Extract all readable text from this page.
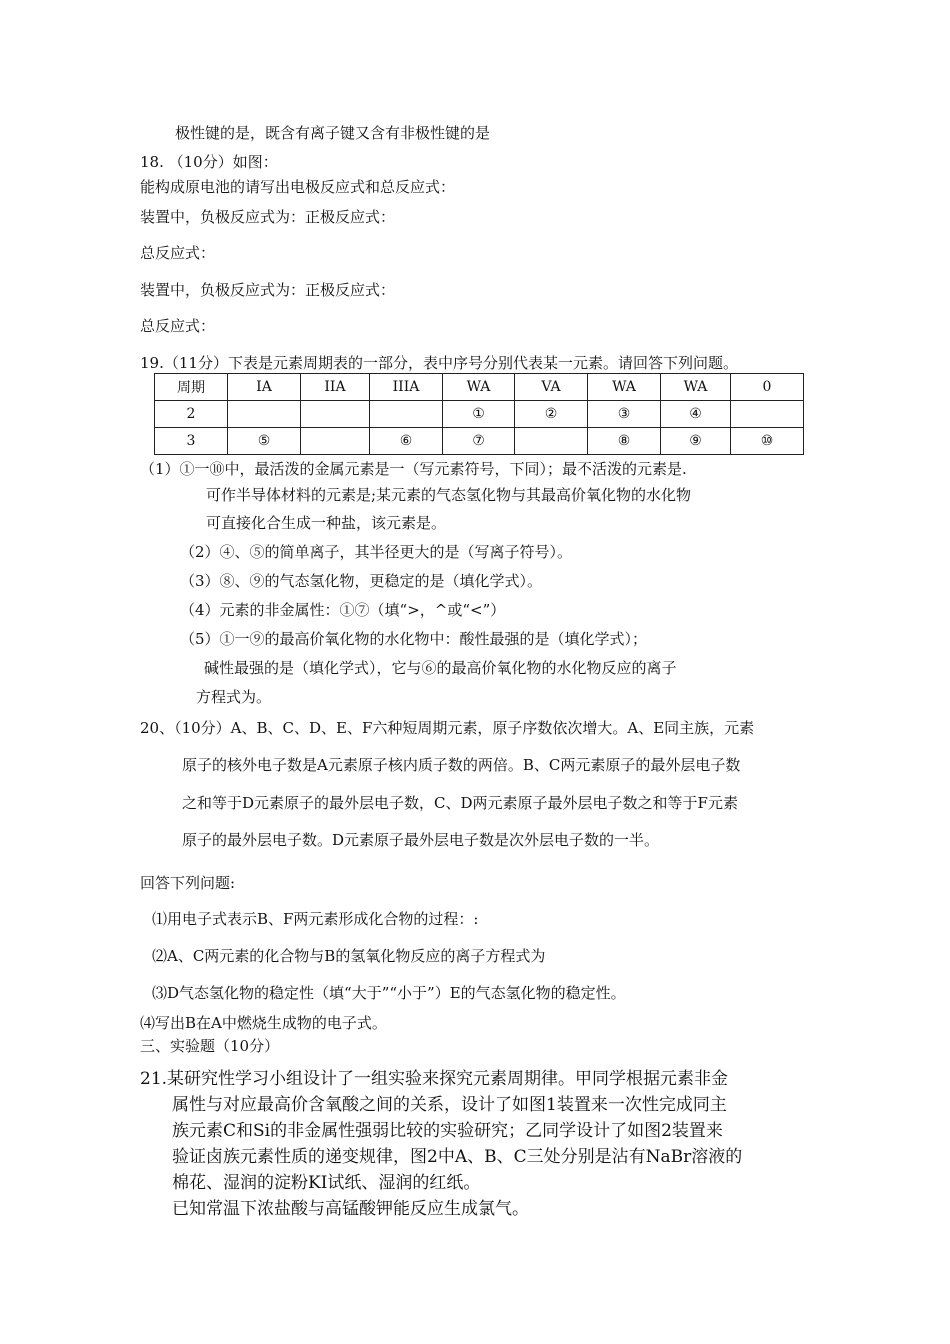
极性键的是，既含有离子键又含有非极性键的是
18. （10分）如图：
能构成原电池的请写出电极反应式和总反应式：
装置中，负极反应式为：正极反应式：
总反应式：
装置中，负极反应式为：正极反应式：
总反应式：
19.（11分）下表是元素周期表的一部分，表中序号分别代表某一元素。请回答下列问题。
周期	IA	IIA	IIIA	WA	VA	WA	WA	0
2				①	②	③	④	
3	⑤		⑥	⑦		⑧	⑨	⑩
（1）①一⑩中，最活泼的金属元素是一（写元素符号，下同）；最不活泼的元素是.
可作半导体材料的元素是;某元素的气态氢化物与其最高价氧化物的水化物
可直接化合生成一种盐，该元素是。
（2）④、⑤的简单离子，其半径更大的是（写离子符号）。
（3）⑧、⑨的气态氢化物，更稳定的是（填化学式）。
（4）元素的非金属性：①⑦（填“>，^或“<”）
（5）①一⑨的最高价氧化物的水化物中：酸性最强的是（填化学式）；
碱性最强的是（填化学式），它与⑥的最高价氧化物的水化物反应的离子
方程式为。
20、（10分）A、B、C、D、E、F六种短周期元素，原子序数依次增大。A、E同主族，元素
原子的核外电子数是A元素原子核内质子数的两倍。B、C两元素原子的最外层电子数
之和等于D元素原子的最外层电子数，C、D两元素原子最外层电子数之和等于F元素
原子的最外层电子数。D元素原子最外层电子数是次外层电子数的一半。
回答下列问题:
⑴用电子式表示B、F两元素形成化合物的过程：:
⑵A、C两元素的化合物与B的氢氧化物反应的离子方程式为
⑶D气态氢化物的稳定性（填“大于”“小于”）E的气态氢化物的稳定性。
⑷写出B在A中燃烧生成物的电子式。
三、实验题（10分）
21.某研究性学习小组设计了一组实验来探究元素周期律。甲同学根据元素非金
属性与对应最高价含氧酸之间的关系，设计了如图1装置来一次性完成同主
族元素C和Si的非金属性强弱比较的实验研究；乙同学设计了如图2装置来
验证卤族元素性质的递变规律，图2中A、B、C三处分别是沾有NaBr溶液的
棉花、湿润的淀粉KI试纸、湿润的红纸。
已知常温下浓盐酸与高锰酸钾能反应生成氯气。
